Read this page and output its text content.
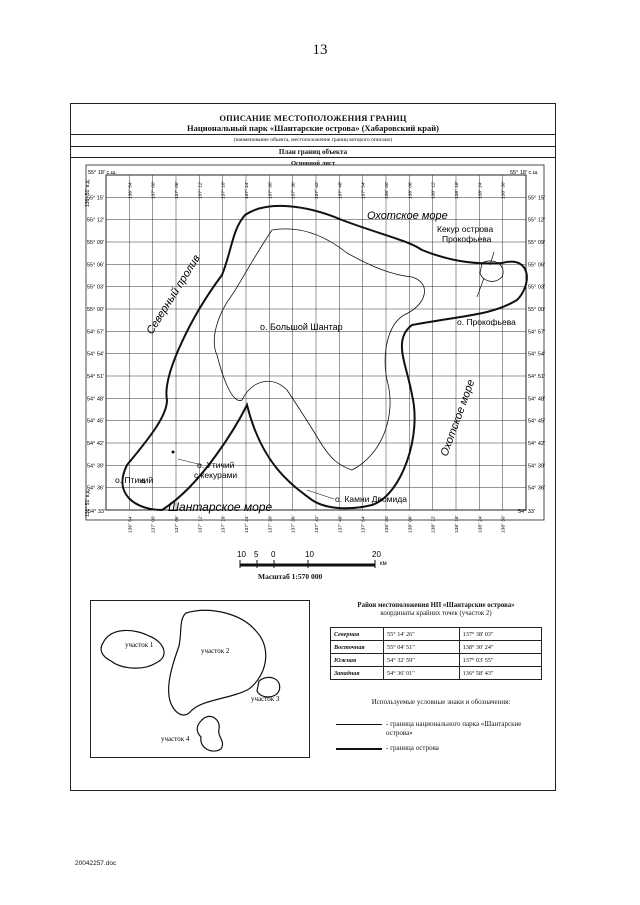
13
ОПИСАНИЕ МЕСТОПОЛОЖЕНИЯ ГРАНИЦ
Национальный парк «Шантарские острова» (Хабаровский край)
(наименование объекта, местоположение границ которого описано)
План границ объекта
Основной лист
55° 15'	55° 15'
55° 12'	55° 12'
55° 09'	55° 09'
55° 06'	55° 06'
55° 03'	55° 03'
55° 00'	55° 00'
54° 57'	54° 57'
54° 54'	54° 54'
54° 51'	54° 51'
54° 48'	54° 48'
54° 45'	54° 45'
54° 42'	54° 42'
54° 39'	54° 39'
54° 36'	54° 36'
136° 54'
136° 54'
137° 00'
137° 00'
137° 06'
137° 06'
137° 12'
137° 12'
137° 18'
137° 18'
137° 24'
137° 24'
137° 30'
137° 30'
137° 36'
137° 36'
137° 42'
137° 42'
137° 48'
137° 48'
137° 54'
137° 54'
138° 00'
138° 00'
138° 06'
138° 06'
138° 12'
138° 12'
138° 18'
138° 18'
138° 24'
138° 24'
138° 30'
138° 30'
55° 18' с.ш.	55° 18' с.ш.
54° 33'	54° 33'
136° 51' в.д.
136° 51' в.д.
Охотское море
Охотское море
Северный пролив
Шантарское море
о. Большой Шантар
Кекур острова
Прокофьева
о. Прокофьева
о. Утичий
с кекурами
о. Птичий
о. Камни Двомида
10 5 0	10	20
км
Масштаб 1:570 000
участок 1
участок 2
участок 3
участок 4
Район местоположения НП «Шантарские острова»
координаты крайних точек (участок 2)
Северная	55° 14' 26"	137° 38' 03"
Восточная	55° 04' 51"	138° 30' 24"
Южная	54° 32' 59"	137° 03' 55"
Западная	54° 36' 01"	136° 58' 43"
Используемые условные знаки и обозначения:
- граница национального парка «Шантарские острова»
- граница острова
20042257.doc
